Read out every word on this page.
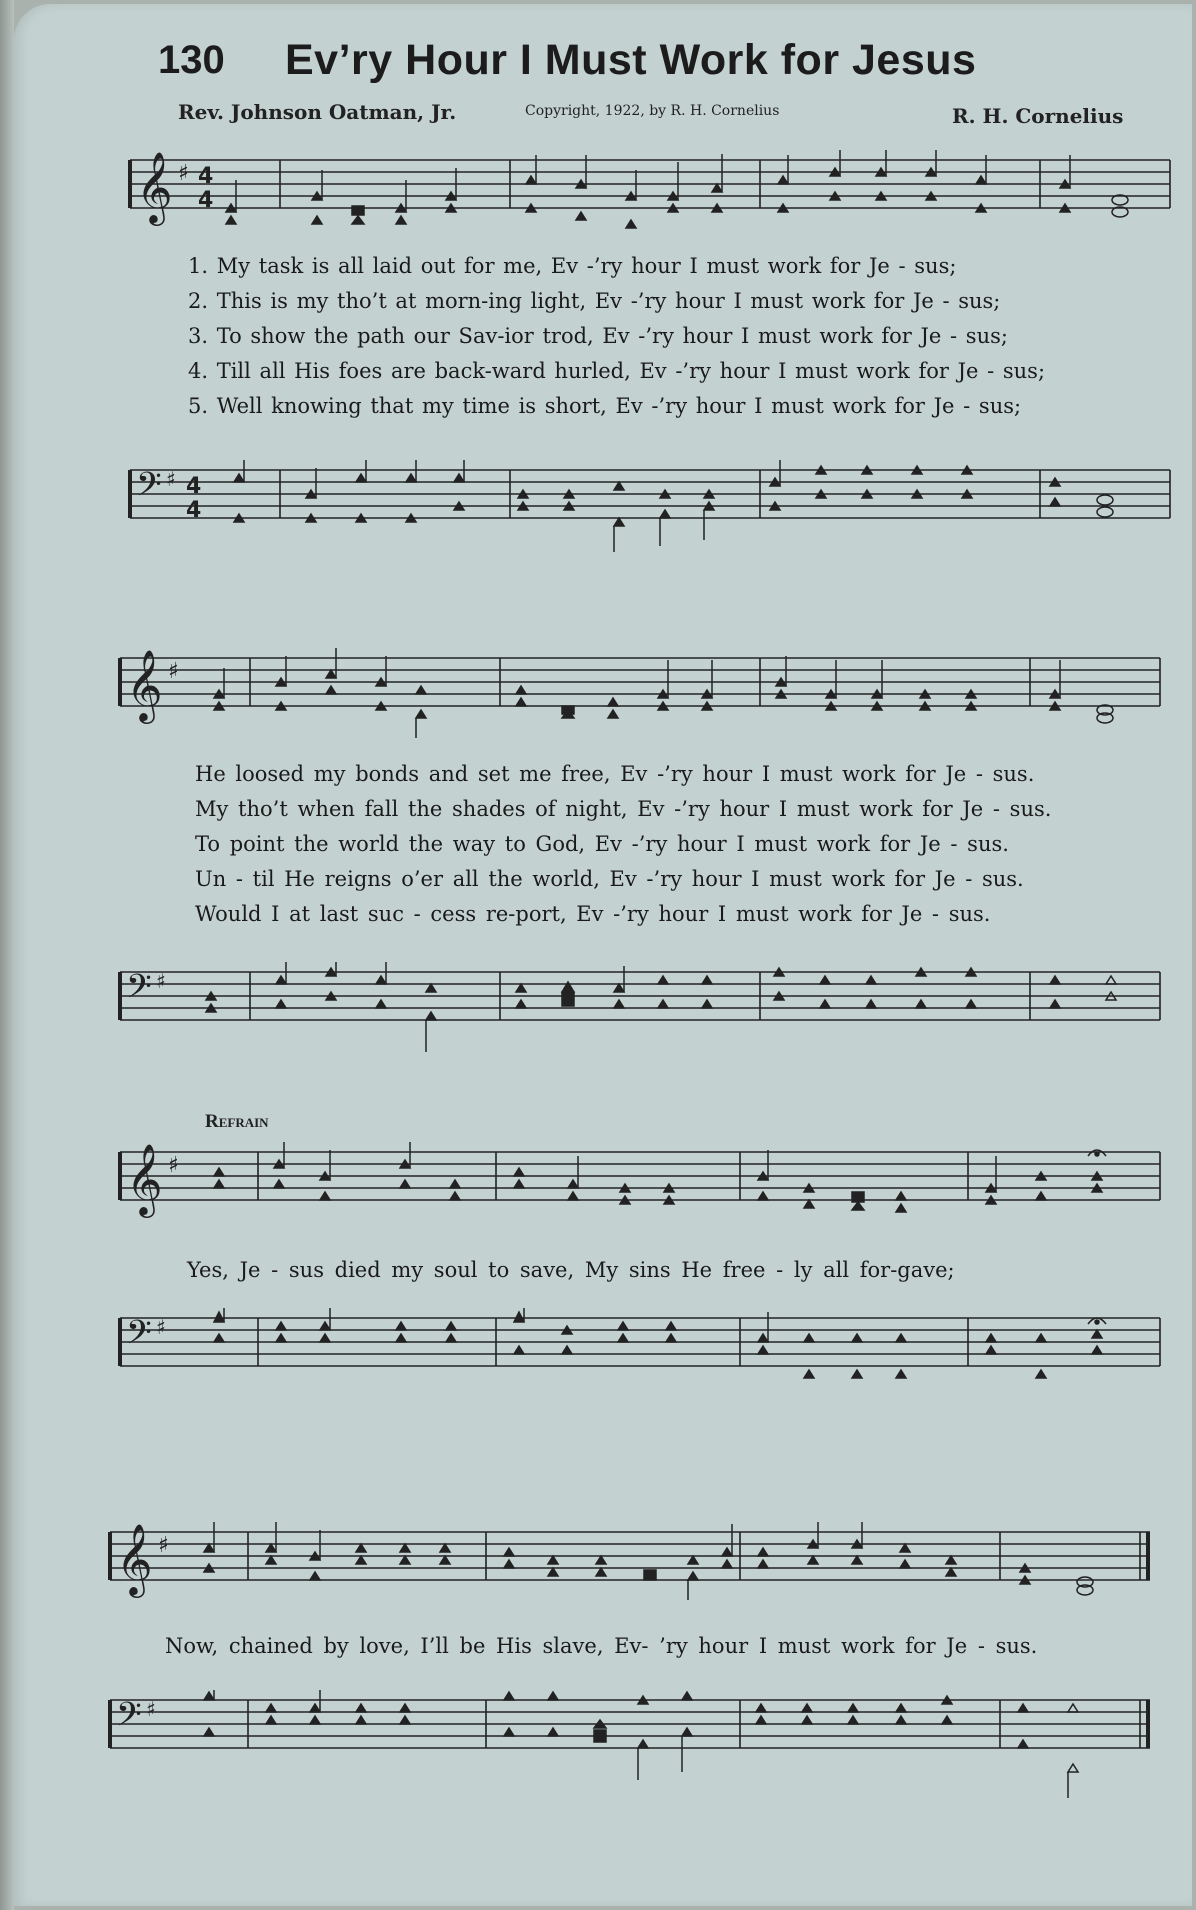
130 Ev’ry Hour I Must Work for Jesus
Rev. Johnson Oatman, Jr.	Copyright, 1922, by R. H. Cornelius	R. H. Cornelius
𝄞 ♯ 4
4
1. My task is all laid out for me, Ev -’ry hour I must work for Je - sus;
2. This is my tho’t at morn-ing light, Ev -’ry hour I must work for Je - sus;
3. To show the path our Sav-ior trod, Ev -’ry hour I must work for Je - sus;
4. Till all His foes are back-ward hurled, Ev -’ry hour I must work for Je - sus;
5. Well knowing that my time is short, Ev -’ry hour I must work for Je - sus;
𝄢 ♯ 4
4
𝄞 ♯
He loosed my bonds and set me free, Ev -’ry hour I must work for Je - sus.
My tho’t when fall the shades of night, Ev -’ry hour I must work for Je - sus.
To point the world the way to God, Ev -’ry hour I must work for Je - sus.
Un - til He reigns o’er all the world, Ev -’ry hour I must work for Je - sus.
Would I at last suc - cess re-port, Ev -’ry hour I must work for Je - sus.
𝄢 ♯
Refrain
𝄞 ♯
Yes, Je - sus died my soul to save, My sins He free - ly all for-gave;
𝄢 ♯
𝄞 ♯
Now, chained by love, I’ll be His slave, Ev- ’ry hour I must work for Je - sus.
𝄢 ♯
